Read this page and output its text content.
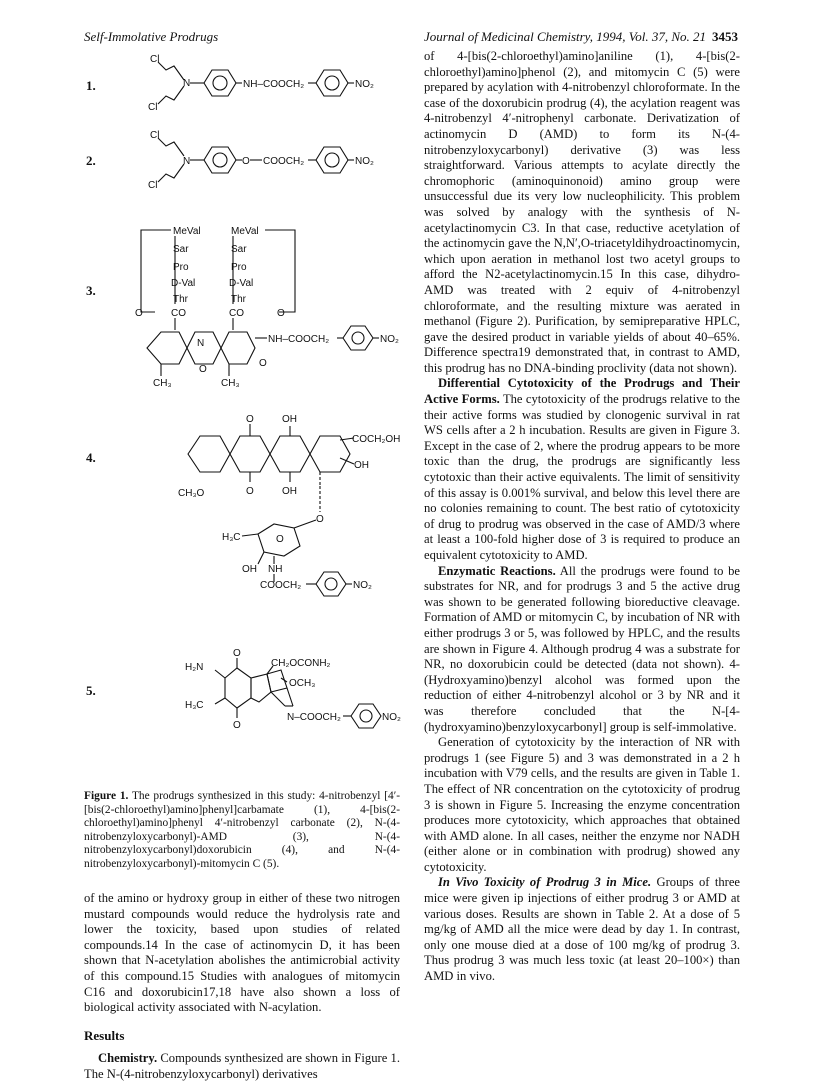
Self-Immolative Prodrugs	Journal of Medicinal Chemistry, 1994, Vol. 37, No. 21 3453
1.
2.
3.
4.
5.
Cl
N
Cl
NH–COOCH₂	NO₂
Cl
N
Cl
O COOCH₂	NO₂
MeVal
Sar
Pro
D-Val
Thr
CO
O
MeVal
Sar
Pro
D-Val
Thr
CO	O
N	NH–COOCH₂	NO₂
O
O
CH₃	CH₃
O	OH
COCH₂OH
OH
CH₃O	O	OH
O
H₃C	O
OH NH
COOCH₂	NO₂
H₂N
O
CH₂OCONH₂
OCH₃
H₃C
O
N–COOCH₂	NO₂
Figure 1. The prodrugs synthesized in this study: 4-nitrobenzyl [4′-[bis(2-chloroethyl)amino]phenyl]carbamate (1), 4-[bis(2-chloroethyl)amino]phenyl 4′-nitrobenzyl carbonate (2), N-(4-nitrobenzyloxycarbonyl)-AMD (3), N-(4-nitrobenzyloxycarbonyl)doxorubicin (4), and N-(4-nitrobenzyloxycarbonyl)-mitomycin C (5).

of the amino or hydroxy group in either of these two nitrogen mustard compounds would reduce the hydrolysis rate and lower the toxicity, based upon studies of related compounds.14 In the case of actinomycin D, it has been shown that N-acetylation abolishes the antimicrobial activity of this compound.15 Studies with analogues of mitomycin C16 and doxorubicin17,18 have also shown a loss of biological activity associated with N-acylation.

Results

Chemistry. Compounds synthesized are shown in Figure 1. The N-(4-nitrobenzyloxycarbonyl) derivatives

of 4-[bis(2-chloroethyl)amino]aniline (1), 4-[bis(2-chloroethyl)amino]phenol (2), and mitomycin C (5) were prepared by acylation with 4-nitrobenzyl chloroformate. In the case of the doxorubicin prodrug (4), the acylation reagent was 4-nitrobenzyl 4′-nitrophenyl carbonate. Derivatization of actinomycin D (AMD) to form its N-(4-nitrobenzyloxycarbonyl) derivative (3) was less straightforward. Various attempts to acylate directly the chromophoric (aminoquinonoid) amino group were unsuccessful due its very low nucleophilicity. This problem was solved by analogy with the synthesis of N-acetylactinomycin C3. In that case, reductive acetylation of the actinomycin gave the N,N′,O-triacetyldihydroactinomycin, which upon aeration in methanol lost two acetyl groups to afford the N2-acetylactinomycin.15 In this case, dihydro-AMD was treated with 2 equiv of 4-nitrobenzyl chloroformate, and the resulting mixture was aerated in methanol (Figure 2). Purification, by semipreparative HPLC, gave the desired product in variable yields of about 40–65%. Difference spectra19 demonstrated that, in contrast to AMD, this prodrug has no DNA-binding proclivity (data not shown).

Differential Cytotoxicity of the Prodrugs and Their Active Forms. The cytotoxicity of the prodrugs relative to the their active forms was studied by clonogenic survival in rat WS cells after a 2 h incubation. Results are given in Figure 3. Except in the case of 2, where the prodrug appears to be more toxic than the drug, the prodrugs are significantly less cytotoxic than their active equivalents. The limit of sensitivity of this assay is 0.001% survival, and below this level there are no colonies remaining to count. The best ratio of cytotoxicity of drug to prodrug was observed in the case of AMD/3 where at least a 100-fold higher dose of 3 is required to produce an equivalent cytotoxicity to AMD.

Enzymatic Reactions. All the prodrugs were found to be substrates for NR, and for prodrugs 3 and 5 the active drug was shown to be generated following bioreductive cleavage. Formation of AMD or mitomycin C, by incubation of NR with either prodrugs 3 or 5, was followed by HPLC, and the results are shown in Figure 4. Although prodrug 4 was a substrate for NR, no doxorubicin could be detected (data not shown). 4-(Hydroxyamino)benzyl alcohol was formed upon the reduction of either 4-nitrobenzyl alcohol or 3 by NR and it was therefore concluded that the N-[4-(hydroxyamino)benzyloxycarbonyl] group is self-immolative.

Generation of cytotoxicity by the interaction of NR with prodrugs 1 (see Figure 5) and 3 was demonstrated in a 2 h incubation with V79 cells, and the results are given in Table 1. The effect of NR concentration on the cytotoxicity of prodrug 3 is shown in Figure 5. Increasing the enzyme concentration produces more cytotoxicity, which approaches that obtained with AMD alone. In all cases, neither the enzyme nor NADH (either alone or in combination with prodrug) showed any cytotoxicity.

In Vivo Toxicity of Prodrug 3 in Mice. Groups of three mice were given ip injections of either prodrug 3 or AMD at various doses. Results are shown in Table 2. At a dose of 5 mg/kg of AMD all the mice were dead by day 1. In contrast, only one mouse died at a dose of 100 mg/kg of prodrug 3. Thus prodrug 3 was much less toxic (at least 20–100×) than AMD in vivo.
